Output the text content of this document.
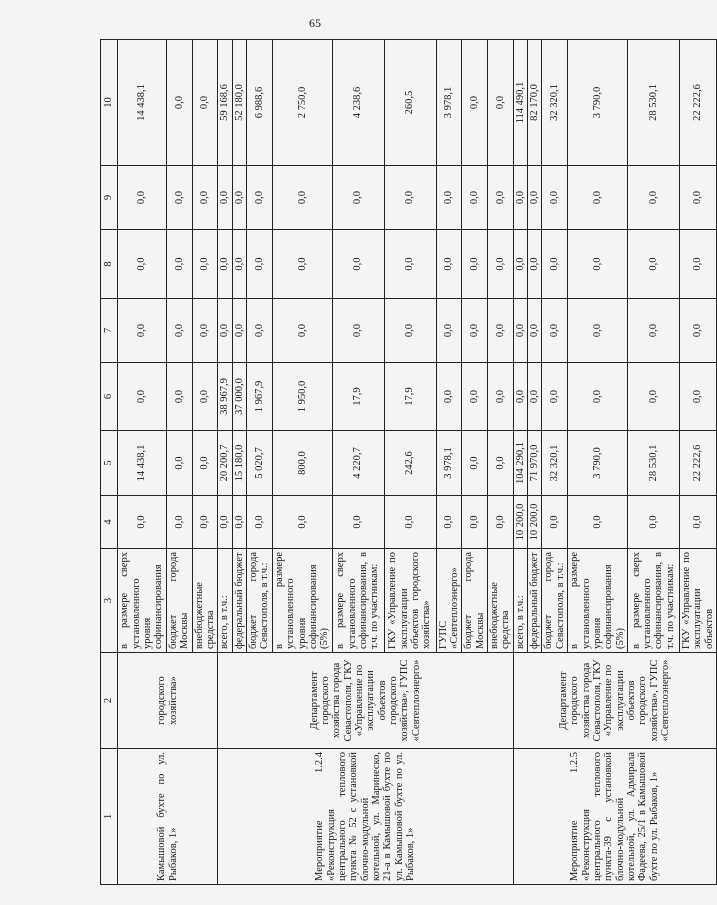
65
1	2	3	4	5	6	7	8	9	10
Камышовой бухте по ул. Рыбаков, 1»	городского хозяйства»	в размере сверх установленного уровня софинансирования	0,0	14 438,1	0,0	0,0	0,0	0,0	14 438,1
		бюджет города Москвы	0,0	0,0	0,0	0,0	0,0	0,0	0,0
		внебюджетные средства	0,0	0,0	0,0	0,0	0,0	0,0	0,0
Мероприятие 1.2.4 «Реконструкция центрального теплового пункта № 52 с установкой блочно-модульной котельной, ул. Маринеско, 21-а в Камышовой бухте по ул. Камышовой бухте по ул. Рыбаков, 1»	Департамент городского хозяйства города Севастополя, ГКУ «Управление по эксплуатации объектов городского хозяйства», ГУПС «Севтеплоэнерго»	всего, в т.ч.:	0,0	20 200,7	38 967,9	0,0	0,0	0,0	59 168,6
		федеральный бюджет	0,0	15 180,0	37 000,0	0,0	0,0	0,0	52 180,0
		бюджет города Севастополя, в т.ч.:	0,0	5 020,7	1 967,9	0,0	0,0	0,0	6 988,6
		в размере установленного уровня софинансирования (5%)	0,0	800,0	1 950,0	0,0	0,0	0,0	2 750,0
		в размере сверх установленного софинансирования, в т.ч. по участникам:	0,0	4 220,7	17,9	0,0	0,0	0,0	4 238,6
		ГКУ «Управление по эксплуатации объектов городского хозяйства»	0,0	242,6	17,9	0,0	0,0	0,0	260,5
		ГУПС «Севтеплоэнерго»	0,0	3 978,1	0,0	0,0	0,0	0,0	3 978,1
		бюджет города Москвы	0,0	0,0	0,0	0,0	0,0	0,0	0,0
		внебюджетные средства	0,0	0,0	0,0	0,0	0,0	0,0	0,0
Мероприятие 1.2.5 «Реконструкция центрального теплового пункта-39 с установкой блочно-модульной котельной, ул. Адмирала Фадеева, 25/1 в Камышовой бухте по ул. Рыбаков, 1»	Департамент городского хозяйства города Севастополя, ГКУ «Управление по эксплуатации объектов городского хозяйства», ГУПС «Севтеплоэнерго»	всего, в т.ч.:	10 200,0	104 290,1	0,0	0,0	0,0	0,0	114 490,1
		федеральный бюджет	10 200,0	71 970,0	0,0	0,0	0,0	0,0	82 170,0
		бюджет города Севастополя, в т.ч.:	0,0	32 320,1	0,0	0,0	0,0	0,0	32 320,1
		в размере установленного уровня софинансирования (5%)	0,0	3 790,0	0,0	0,0	0,0	0,0	3 790,0
		в размере сверх установленного софинансирования, в т.ч. по участникам:	0,0	28 530,1	0,0	0,0	0,0	0,0	28 530,1
		ГКУ «Управление по эксплуатации объектов	0,0	22 222,6	0,0	0,0	0,0	0,0	22 222,6
